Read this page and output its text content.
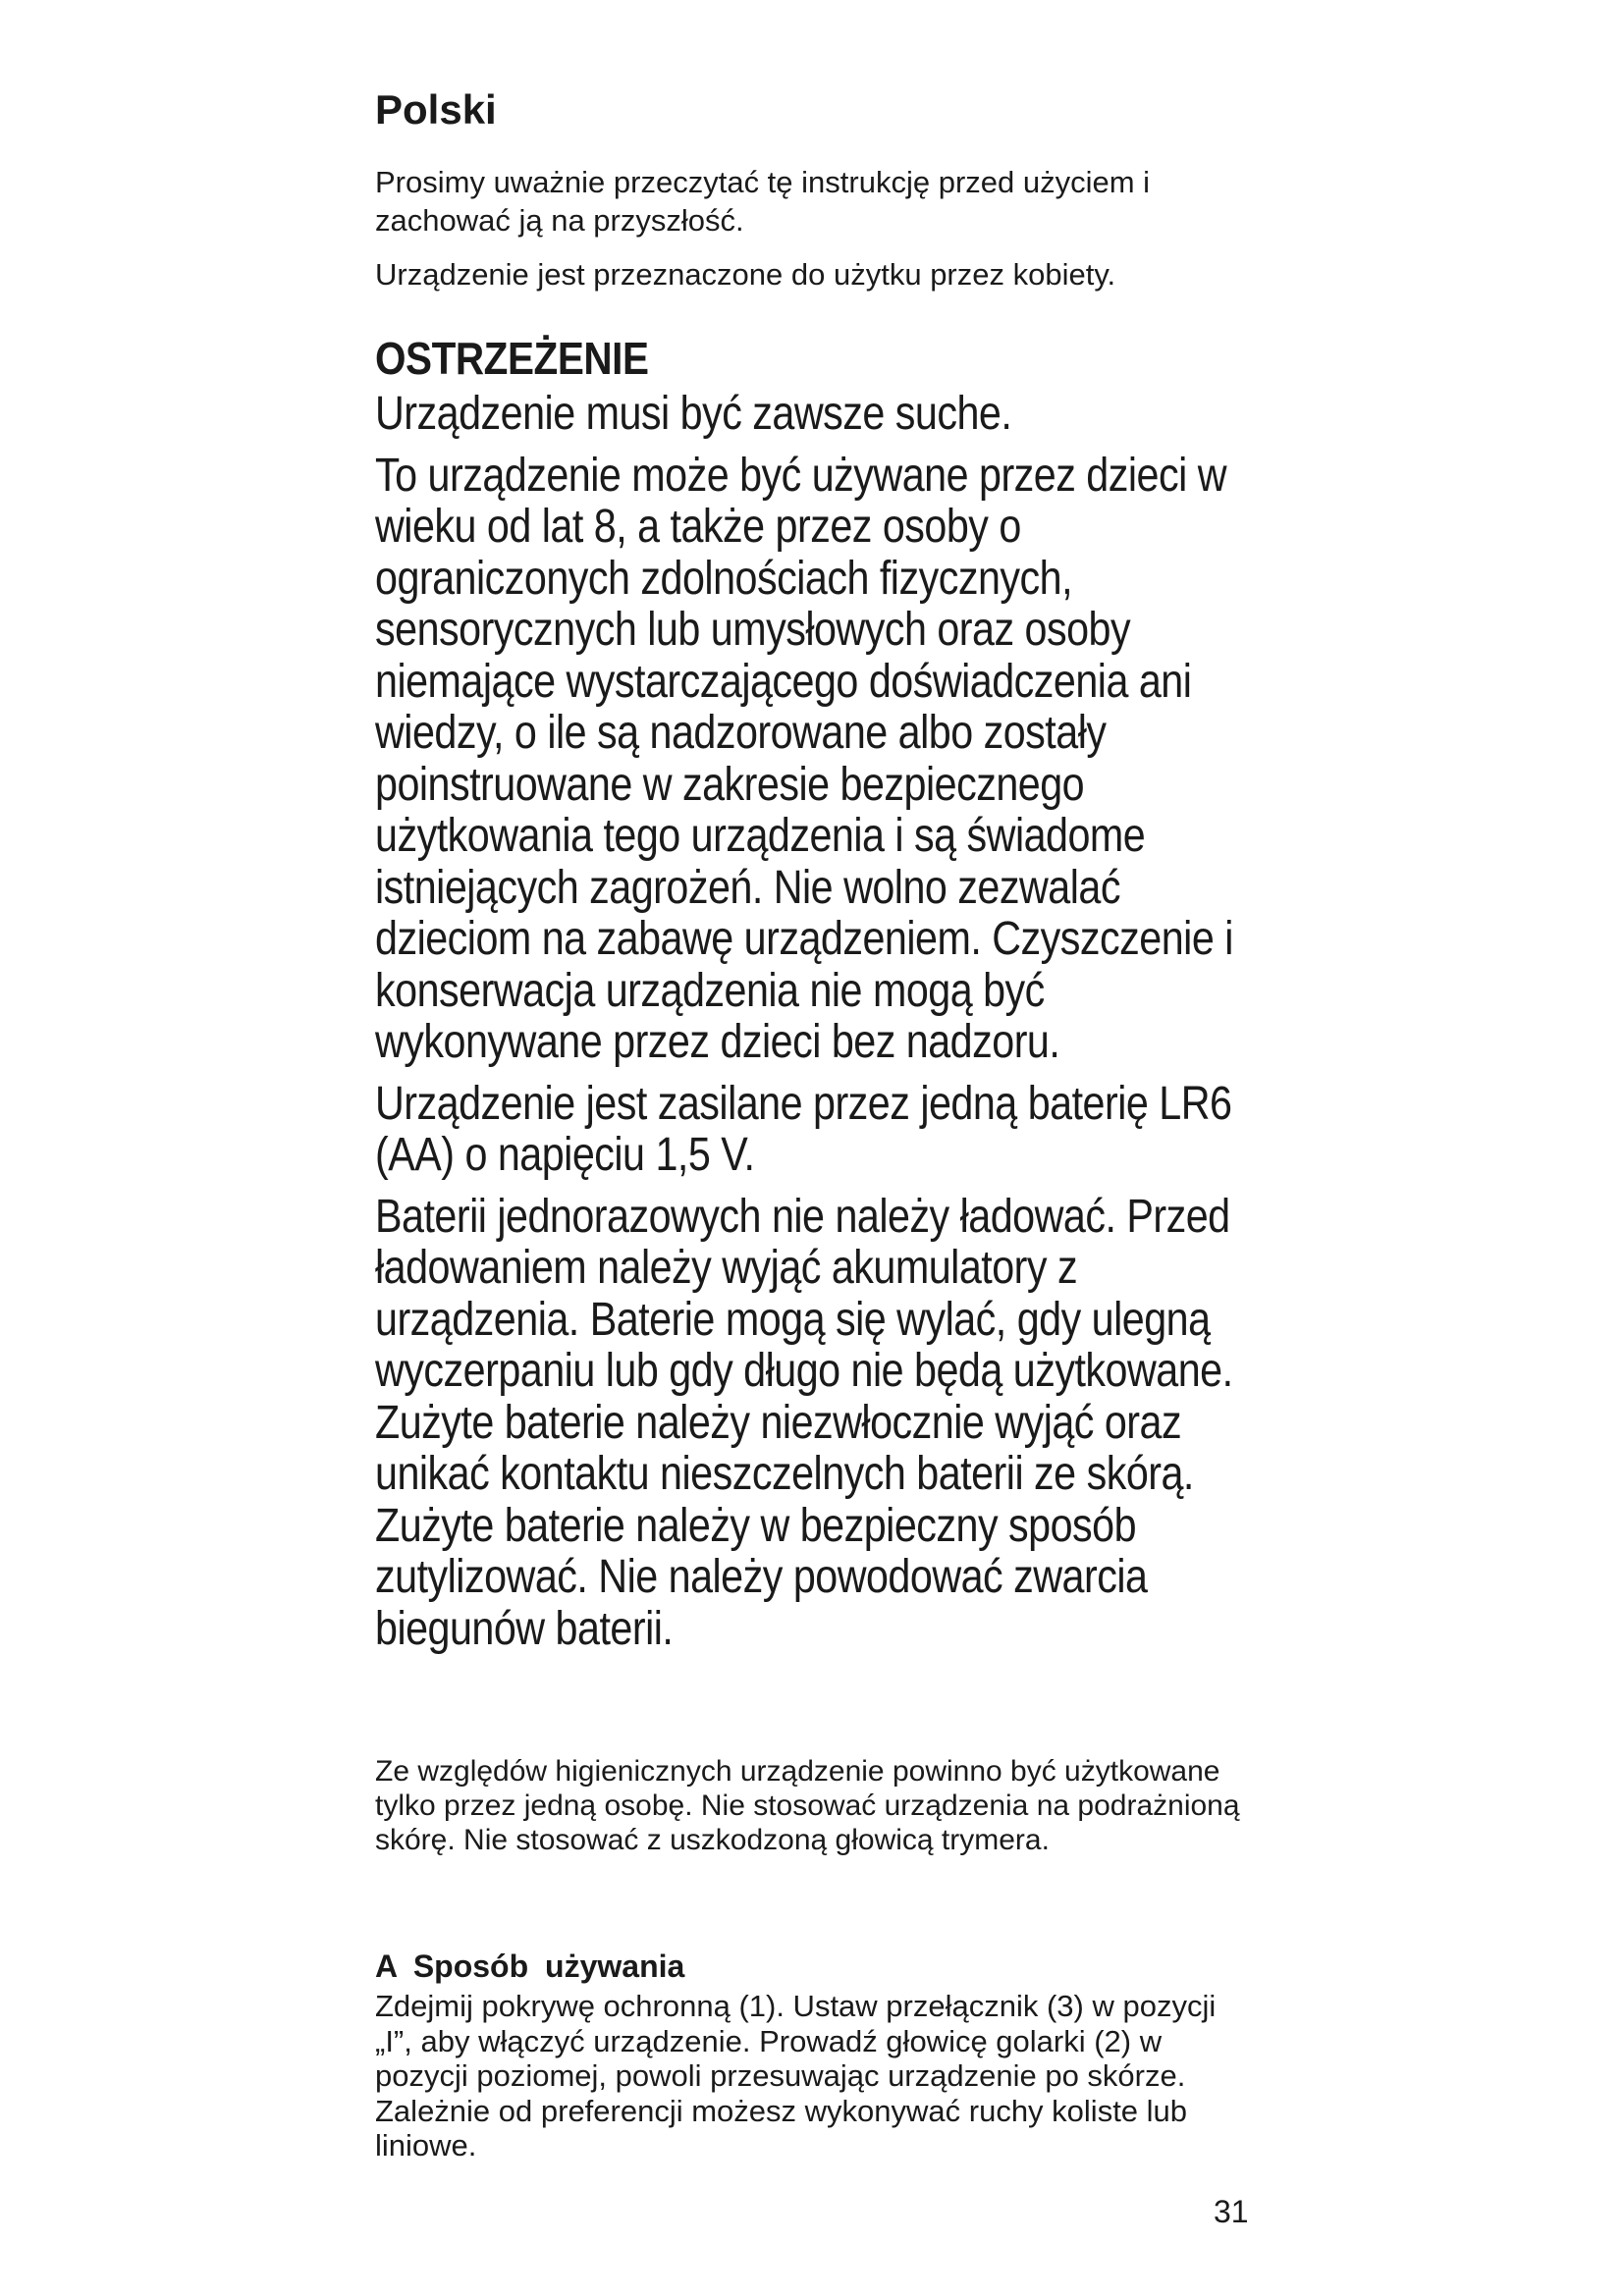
Polski

Prosimy uważnie przeczytać tę instrukcję przed użyciem i zachować ją na przyszłość.

Urządzenie jest przeznaczone do użytku przez kobiety.

OSTRZEŻENIE

Urządzenie musi być zawsze suche.

To urządzenie może być używane przez dzieci w wieku od lat 8, a także przez osoby o ograniczonych zdolnościach fizycznych, sensorycznych lub umysłowych oraz osoby niemające wystarczającego doświadczenia ani wiedzy, o ile są nadzorowane albo zostały poinstruowane w zakresie bezpiecznego użytkowania tego urządzenia i są świadome istniejących zagrożeń. Nie wolno zezwalać dzieciom na zabawę urządzeniem. Czyszczenie i konserwacja urządzenia nie mogą być wykonywane przez dzieci bez nadzoru.

Urządzenie jest zasilane przez jedną baterię LR6 (AA) o napięciu 1,5 V.

Baterii jednorazowych nie należy ładować. Przed ładowaniem należy wyjąć akumulatory z urządzenia. Baterie mogą się wylać, gdy ulegną wyczerpaniu lub gdy długo nie będą użytkowane. Zużyte baterie należy niezwłocznie wyjąć oraz unikać kontaktu nieszczelnych baterii ze skórą. Zużyte baterie należy w bezpieczny sposób zutylizować. Nie należy powodować zwarcia biegunów baterii.

Ze względów higienicznych urządzenie powinno być użytkowane tylko przez jedną osobę. Nie stosować urządzenia na podrażnioną skórę. Nie stosować z uszkodzoną głowicą trymera.

A Sposób używania

Zdejmij pokrywę ochronną (1). Ustaw przełącznik (3) w pozycji „I”, aby włączyć urządzenie. Prowadź głowicę golarki (2) w pozycji poziomej, powoli przesuwając urządzenie po skórze. Zależnie od preferencji możesz wykonywać ruchy koliste lub liniowe.

31
